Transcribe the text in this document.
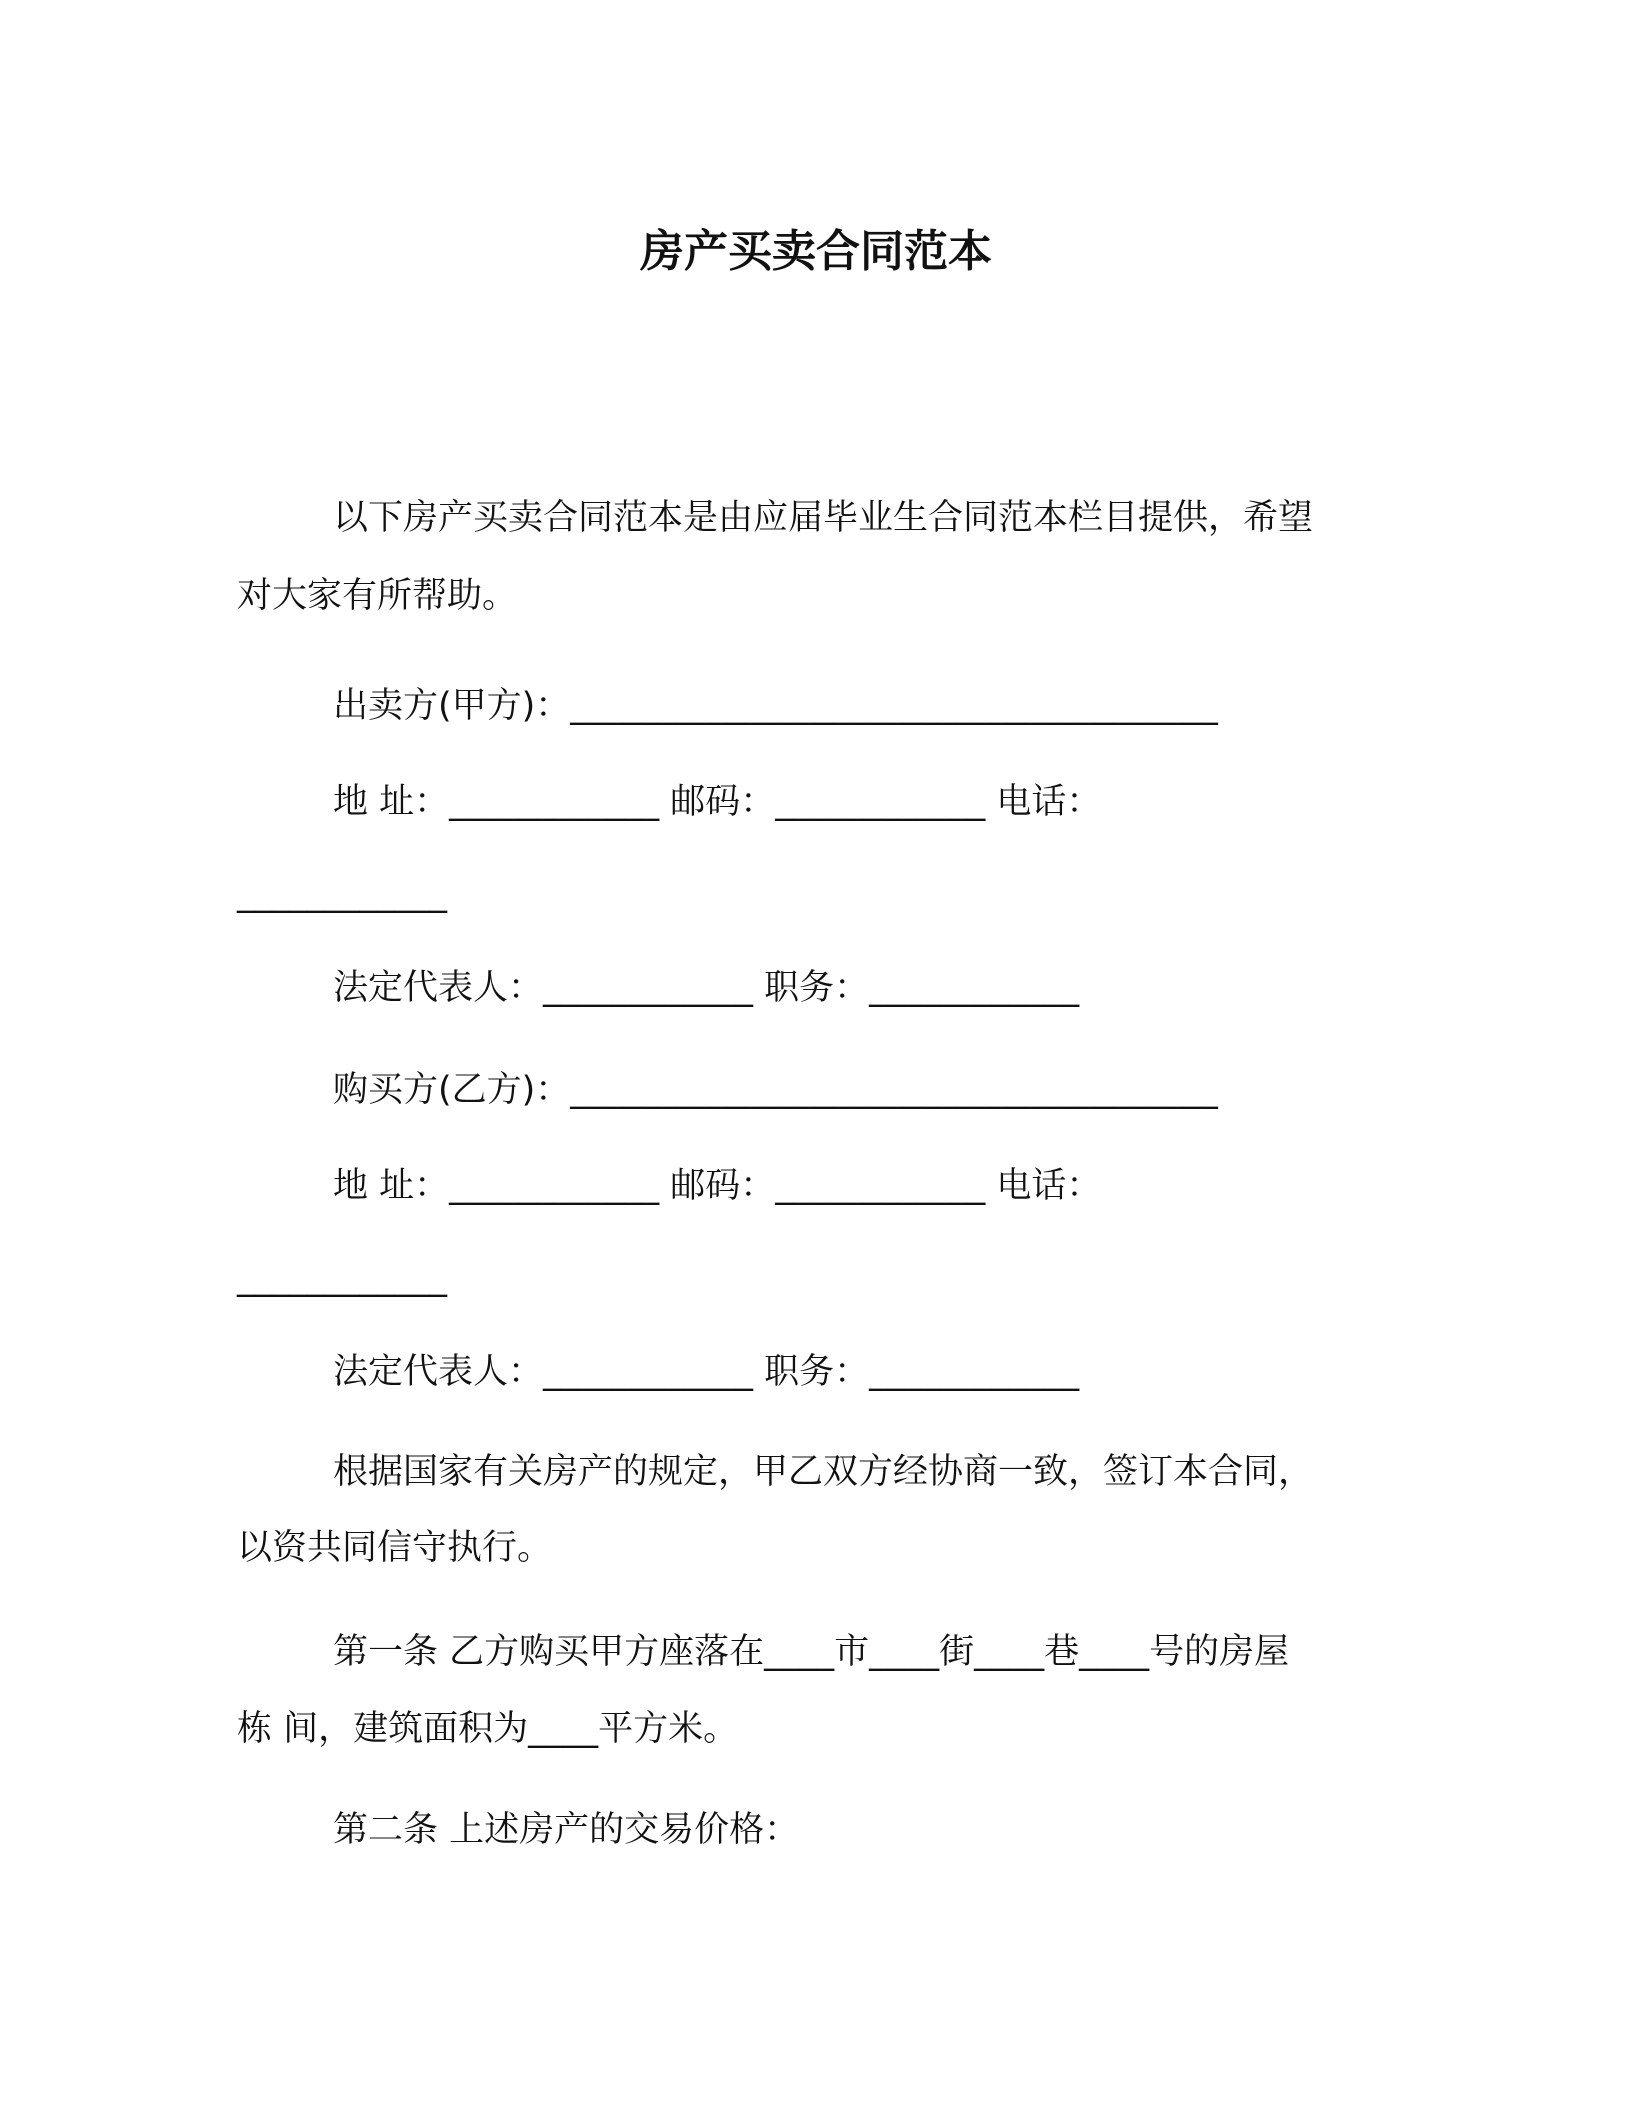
房产买卖合同范本
以下房产买卖合同范本是由应届毕业生合同范本栏目提供，希望
对大家有所帮助。
出卖方(甲方)：_____________________________________
地 址：____________ 邮码：____________ 电话：
____________
法定代表人：____________ 职务：____________
购买方(乙方)：_____________________________________
地 址：____________ 邮码：____________ 电话：
____________
法定代表人：____________ 职务：____________
根据国家有关房产的规定，甲乙双方经协商一致，签订本合同，
以资共同信守执行。
第一条 乙方购买甲方座落在____市____街____巷____号的房屋
栋 间，建筑面积为____平方米。
第二条 上述房产的交易价格：
